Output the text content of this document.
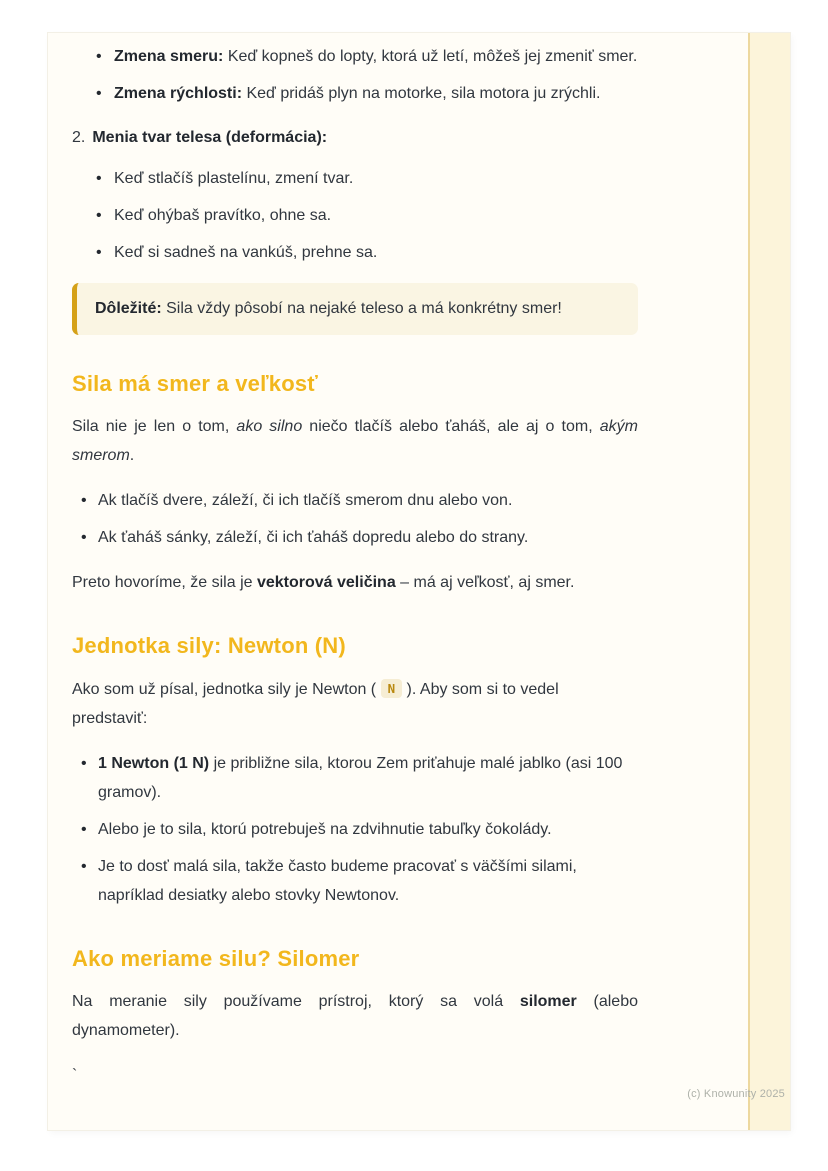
• Zmena smeru: Keď kopneš do lopty, ktorá už letí, môžeš jej zmeniť smer.
• Zmena rýchlosti: Keď pridáš plyn na motorke, sila motora ju zrýchli.
2. Menia tvar telesa (deformácia):
• Keď stlačíš plastelínu, zmení tvar.
• Keď ohýbaš pravítko, ohne sa.
• Keď si sadneš na vankúš, prehne sa.
Dôležité: Sila vždy pôsobí na nejaké teleso a má konkrétny smer!
Sila má smer a veľkosť

Sila nie je len o tom, ako silno niečo tlačíš alebo ťaháš, ale aj o tom, akým smerom.

• Ak tlačíš dvere, záleží, či ich tlačíš smerom dnu alebo von.
• Ak ťaháš sánky, záleží, či ich ťaháš dopredu alebo do strany.

Preto hovoríme, že sila je vektorová veličina – má aj veľkosť, aj smer.

Jednotka sily: Newton (N)

Ako som už písal, jednotka sily je Newton ( N ). Aby som si to vedel predstaviť:

• 1 Newton (1 N) je približne sila, ktorou Zem priťahuje malé jablko (asi 100 gramov).
• Alebo je to sila, ktorú potrebuješ na zdvihnutie tabuľky čokolády.
• Je to dosť malá sila, takže často budeme pracovať s väčšími silami, napríklad desiatky alebo stovky Newtonov.
Ako meriame silu? Silomer

Na meranie sily používame prístroj, ktorý sa volá silomer (alebo dynamometer).

`

(c) Knowunity 2025
